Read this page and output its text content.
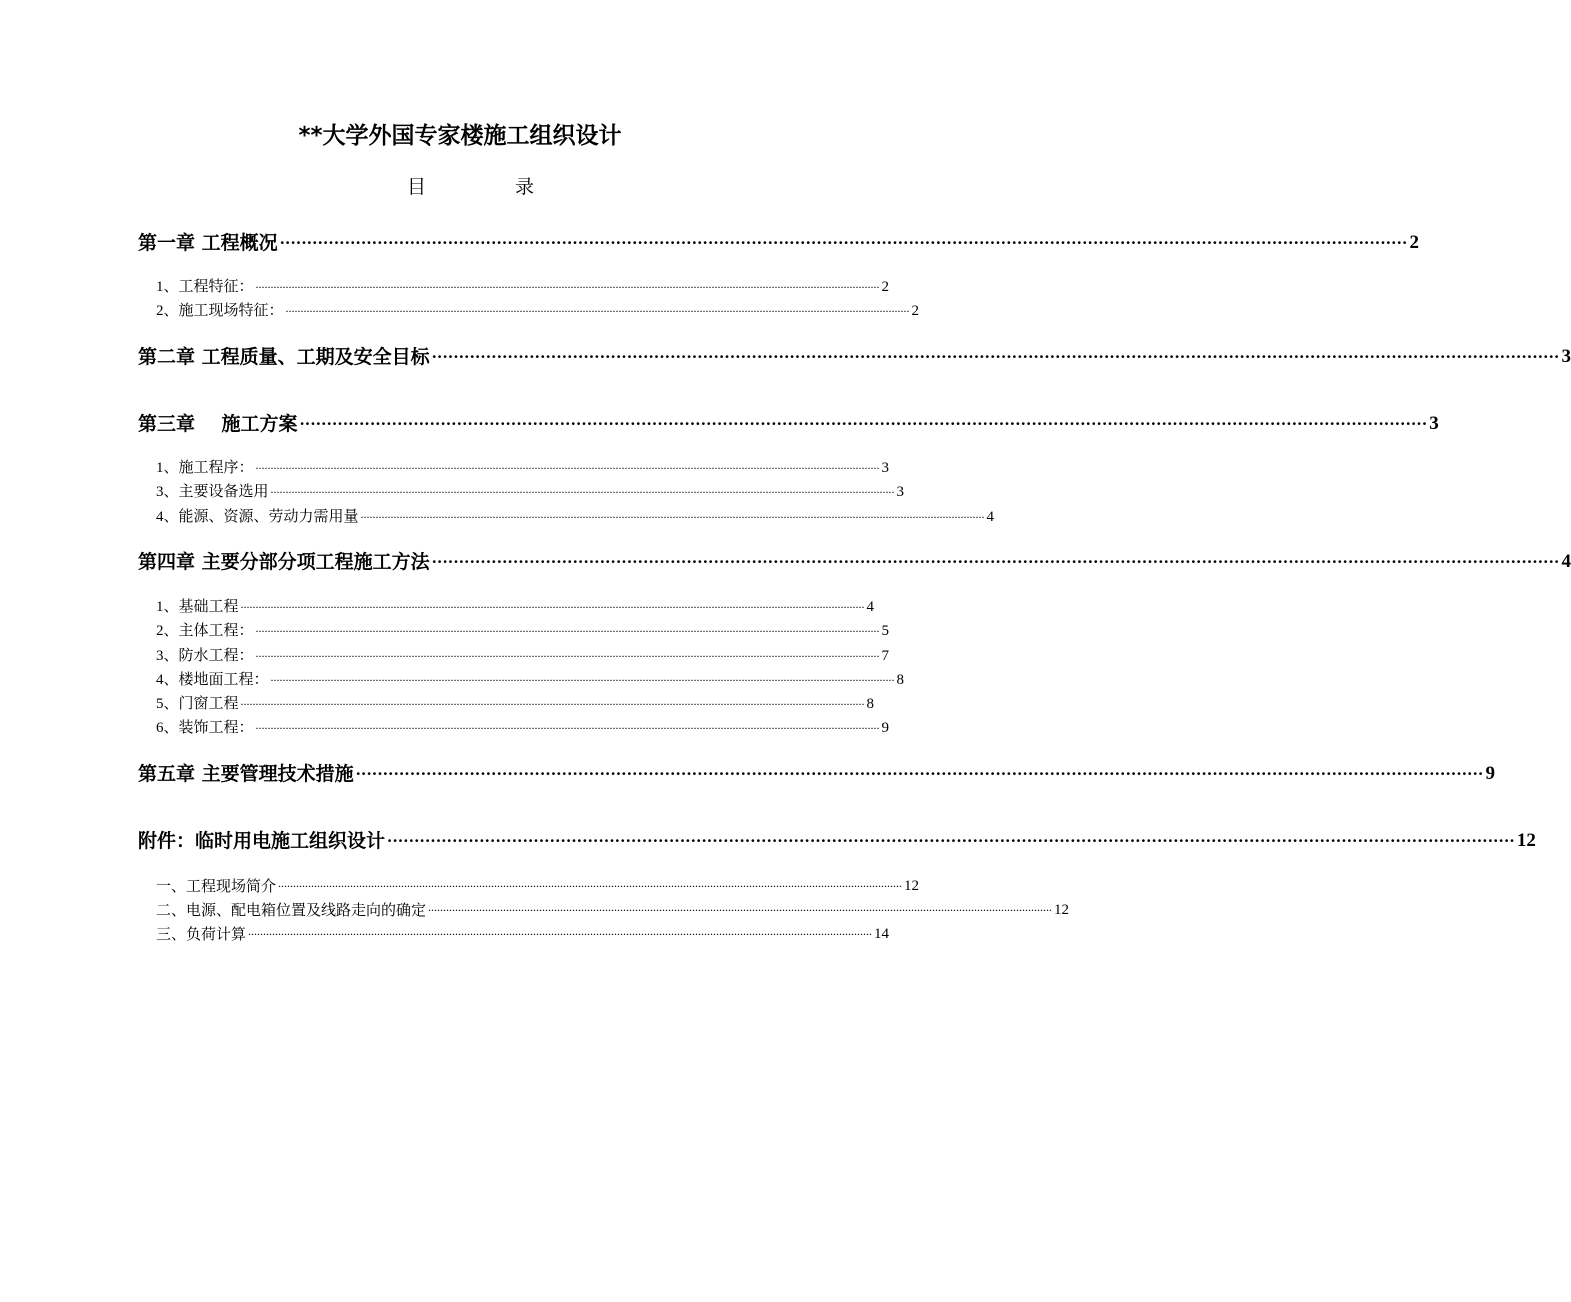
**大学外国专家楼施工组织设计
目	录
第一章 工程概况 ................................................................................................................................................................................................................ 2
1、工程特征： ................................................................................................................................................................................................................ 2
2、施工现场特征： ................................................................................................................................................................................................................ 2
第二章 工程质量、工期及安全目标 ................................................................................................................................................................................................................ 3
第三章    施工方案 ................................................................................................................................................................................................................ 3
1、施工程序： ................................................................................................................................................................................................................ 3
3、主要设备选用 ................................................................................................................................................................................................................ 3
4、能源、资源、劳动力需用量 ................................................................................................................................................................................................................ 4
第四章 主要分部分项工程施工方法 ................................................................................................................................................................................................................ 4
1、基础工程 ................................................................................................................................................................................................................ 4
2、主体工程： ................................................................................................................................................................................................................ 5
3、防水工程： ................................................................................................................................................................................................................ 7
4、楼地面工程： ................................................................................................................................................................................................................ 8
5、门窗工程 ................................................................................................................................................................................................................ 8
6、装饰工程： ................................................................................................................................................................................................................ 9
第五章 主要管理技术措施 ................................................................................................................................................................................................................ 9
附件：临时用电施工组织设计 ................................................................................................................................................................................................................ 12
一、工程现场简介 ................................................................................................................................................................................................................ 12
二、电源、配电箱位置及线路走向的确定 ................................................................................................................................................................................................................ 12
三、负荷计算 ................................................................................................................................................................................................................ 14
